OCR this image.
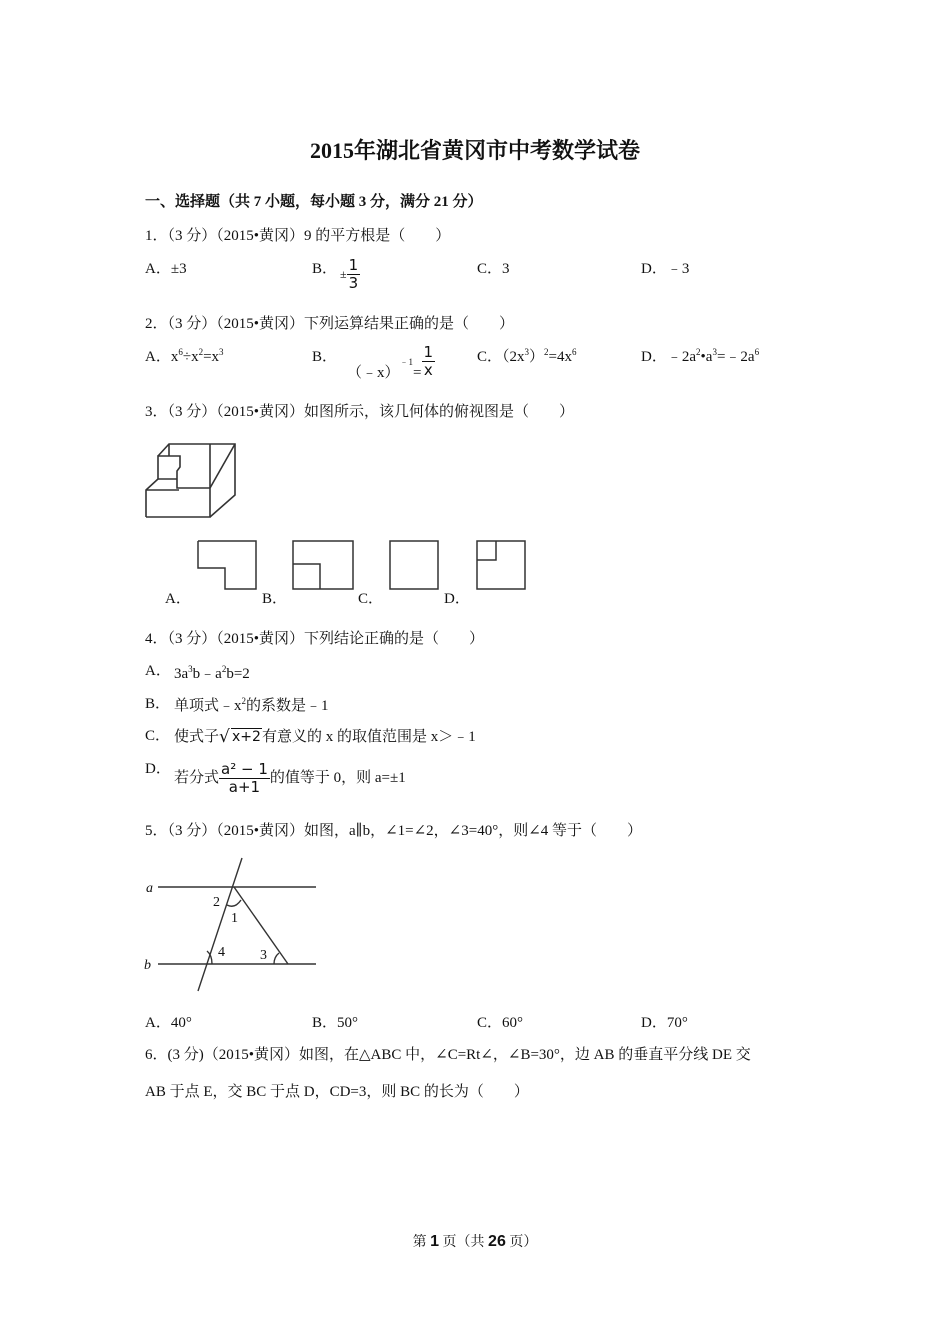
2015年湖北省黄冈市中考数学试卷
一、选择题（共 7 小题，每小题 3 分，满分 21 分）
1．（3 分）（2015•黄冈）9 的平方根是（　　）
A．±3	B． ± $\frac{1}{3}$	C．3	D．﹣3
2．（3 分）（2015•黄冈）下列运算结果正确的是（　　）
A．$x^6\div x^2=x^3$	B．
（﹣x）﹣1= $\frac{1}{x}$	C．$(2x^3)^2=4x^6$	D．$﹣2a^2•a^3=﹣2a^6$
3．（3 分）（2015•黄冈）如图所示，该几何体的俯视图是（　　）
A．	B．	C．	D．
4．（3 分）（2015•黄冈）下列结论正确的是（　　）
A． $3a^3b﹣a^2b=2$
B． 单项式$﹣x^2$的系数是﹣1
C． 使式子 √ x+2有意义的 x 的取值范围是 x＞﹣1
D．
若分式 $\frac{\text{a² − 1}}{a+1}$ 的值等于 0，则 a=±1
5．（3 分）（2015•黄冈）如图，a∥b，∠1=∠2，∠3=40°，则∠4 等于（　　）
a
b
2
1
4	3
A．40°	B．50°	C．60°	D．70°
6．(3 分)（2015•黄冈）如图，在△ABC 中，∠C=Rt∠，∠B=30°，边 AB 的垂直平分线 DE 交
AB 于点 E，交 BC 于点 D，CD=3，则 BC 的长为（　　）
第 1 页（共 26 页）
